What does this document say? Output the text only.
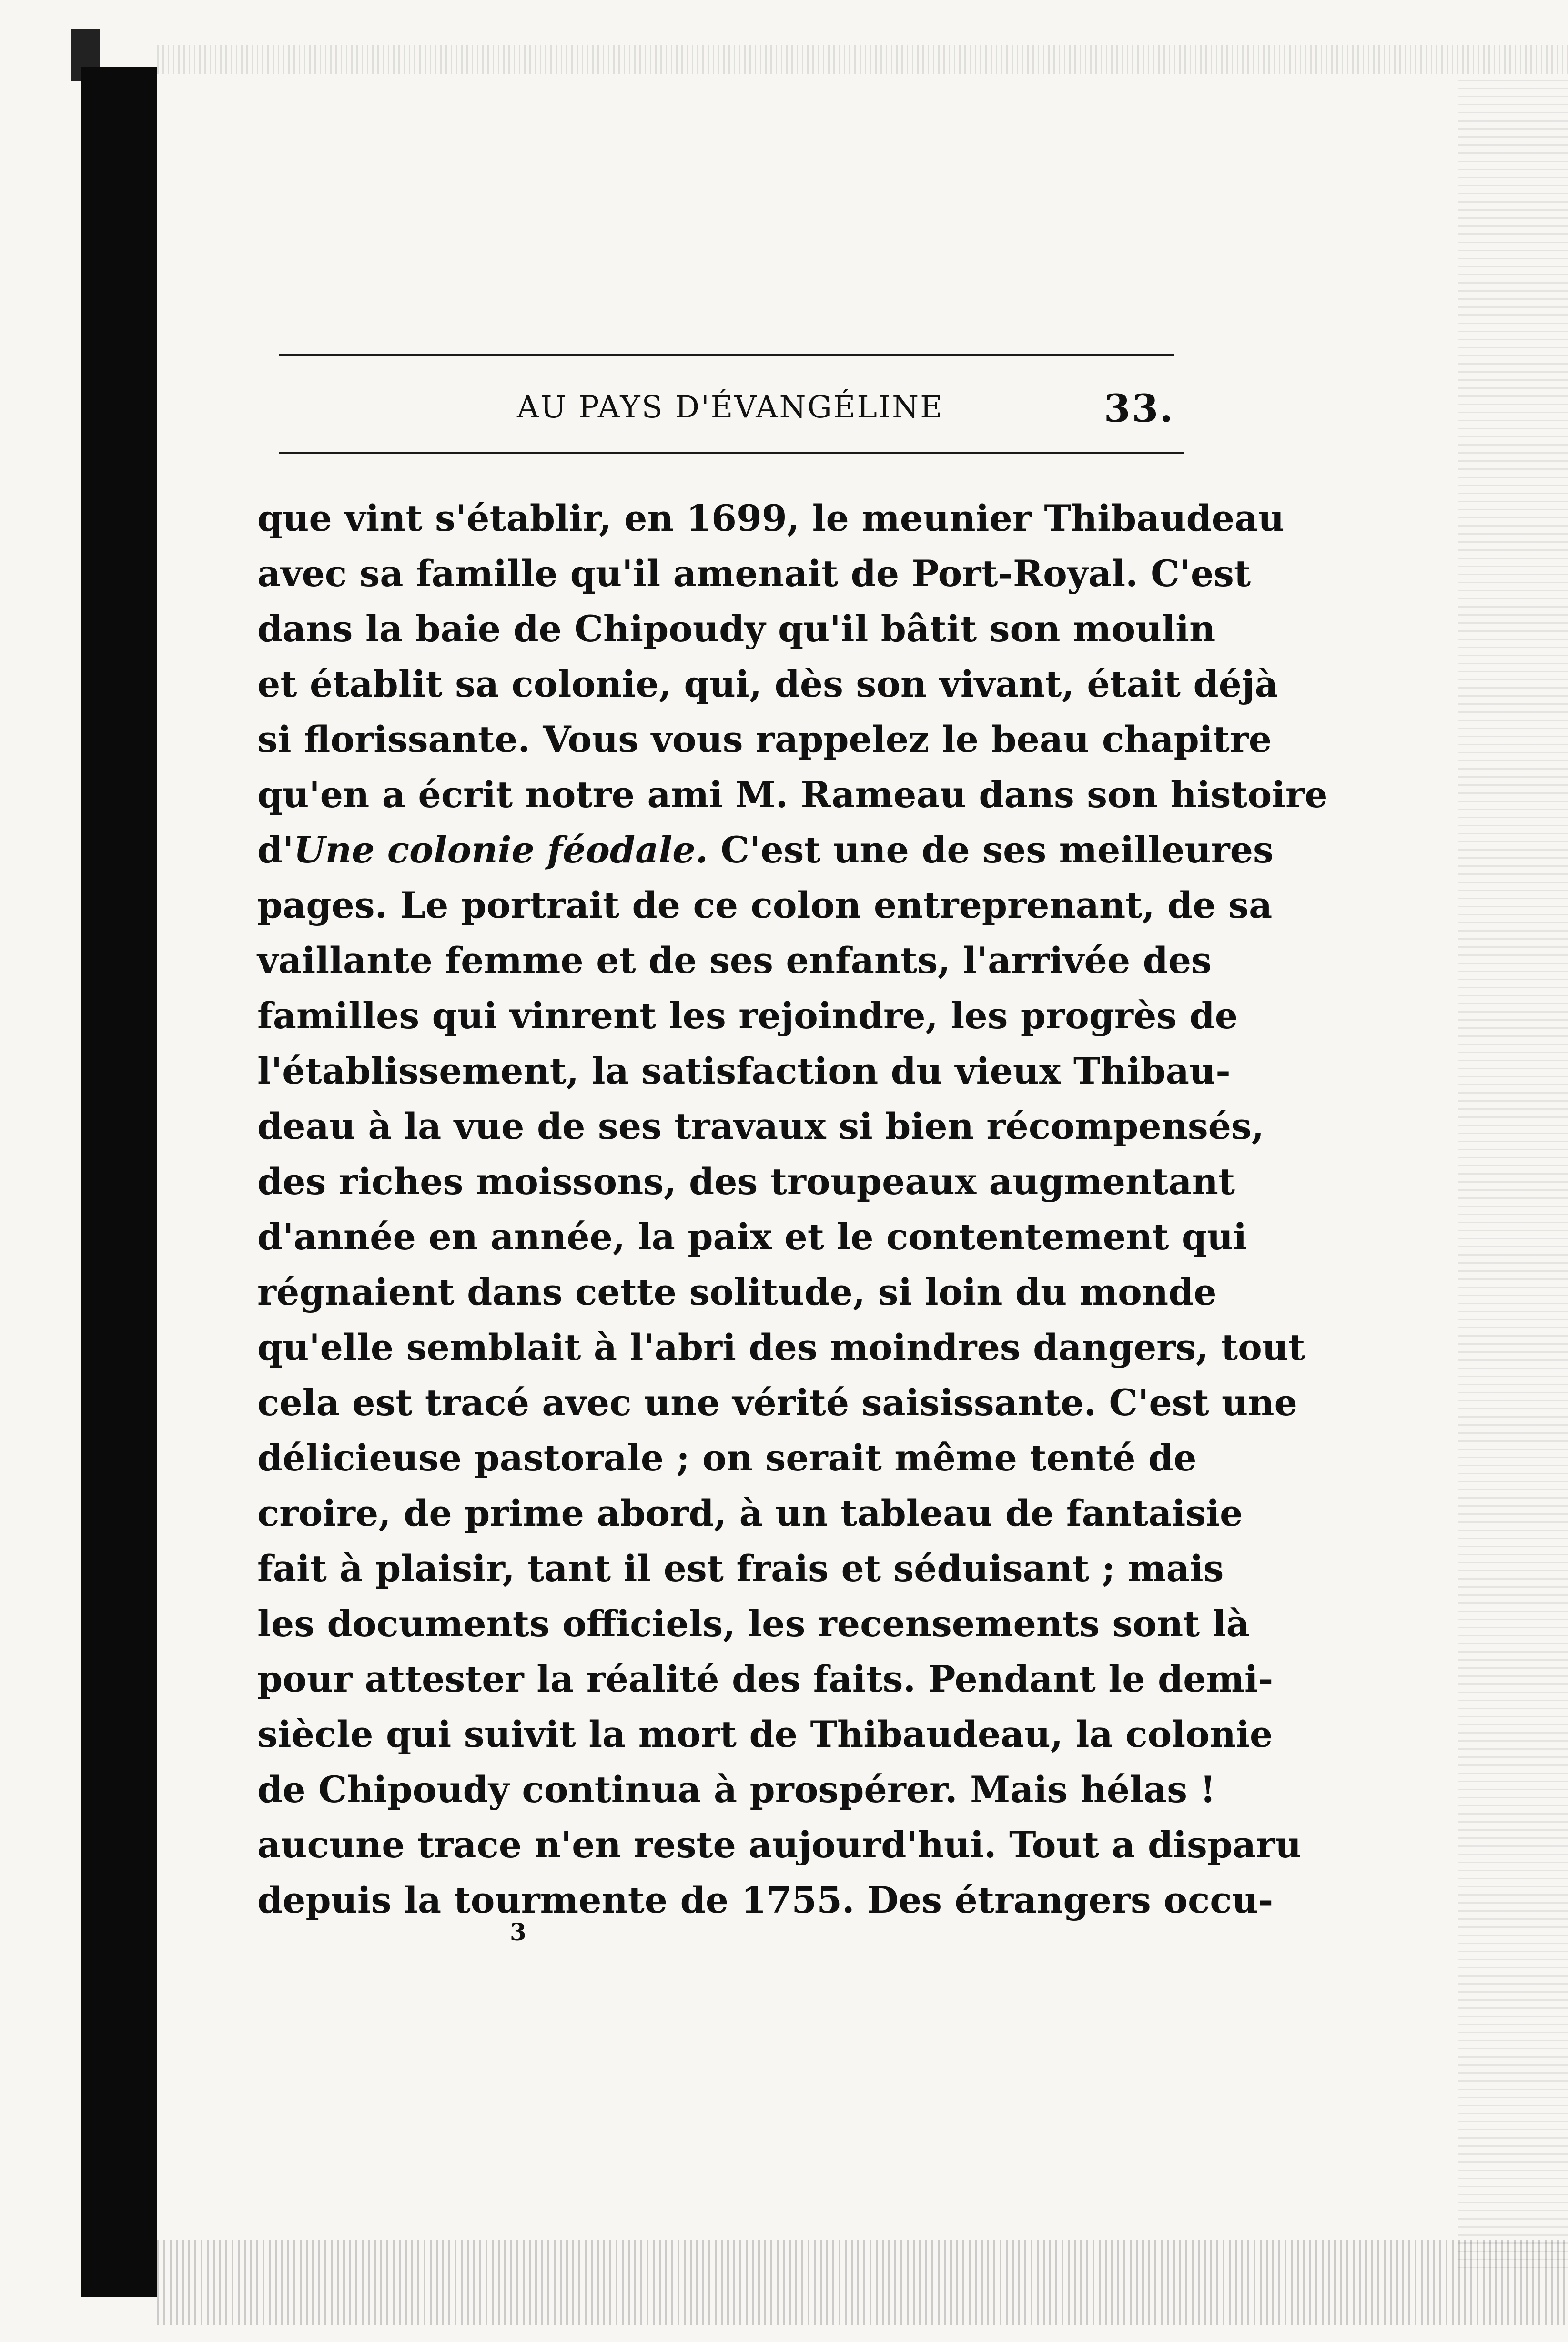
AU PAYS D'ÉVANGÉLINE	33.
que vint s'établir, en 1699, le meunier Thibaudeau
avec sa famille qu'il amenait de Port-Royal. C'est
dans la baie de Chipoudy qu'il bâtit son moulin
et établit sa colonie, qui, dès son vivant, était déjà
si florissante. Vous vous rappelez le beau chapitre
qu'en a écrit notre ami M. Rameau dans son histoire
d'Une colonie féodale. C'est une de ses meilleures
pages. Le portrait de ce colon entreprenant, de sa
vaillante femme et de ses enfants, l'arrivée des
familles qui vinrent les rejoindre, les progrès de
l'établissement, la satisfaction du vieux Thibau-
deau à la vue de ses travaux si bien récompensés,
des riches moissons, des troupeaux augmentant
d'année en année, la paix et le contentement qui
régnaient dans cette solitude, si loin du monde
qu'elle semblait à l'abri des moindres dangers, tout
cela est tracé avec une vérité saisissante. C'est une
délicieuse pastorale ; on serait même tenté de
croire, de prime abord, à un tableau de fantaisie
fait à plaisir, tant il est frais et séduisant ; mais
les documents officiels, les recensements sont là
pour attester la réalité des faits. Pendant le demi-
siècle qui suivit la mort de Thibaudeau, la colonie
de Chipoudy continua à prospérer. Mais hélas !
aucune trace n'en reste aujourd'hui. Tout a disparu
depuis la tourmente de 1755. Des étrangers occu-
3
